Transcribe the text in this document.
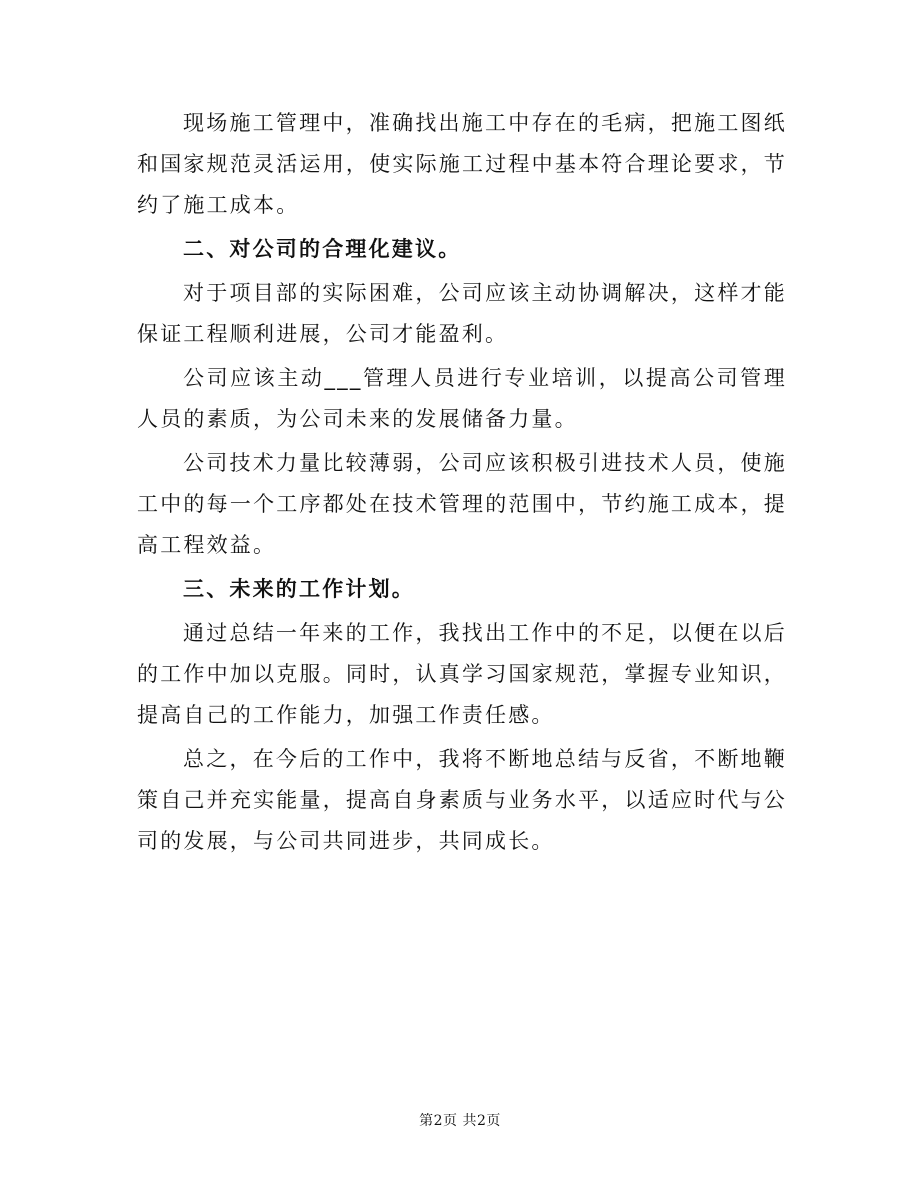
现场施工管理中，准确找出施工中存在的毛病，把施工图纸和国家规范灵活运用，使实际施工过程中基本符合理论要求，节约了施工成本。

二、对公司的合理化建议。

对于项目部的实际困难，公司应该主动协调解决，这样才能保证工程顺利进展，公司才能盈利。

公司应该主动___管理人员进行专业培训，以提高公司管理人员的素质，为公司未来的发展储备力量。

公司技术力量比较薄弱，公司应该积极引进技术人员，使施工中的每一个工序都处在技术管理的范围中，节约施工成本，提高工程效益。

三、未来的工作计划。

通过总结一年来的工作，我找出工作中的不足，以便在以后的工作中加以克服。同时，认真学习国家规范，掌握专业知识，提高自己的工作能力，加强工作责任感。

总之，在今后的工作中，我将不断地总结与反省，不断地鞭策自己并充实能量，提高自身素质与业务水平，以适应时代与公司的发展，与公司共同进步，共同成长。

第2页 共2页
